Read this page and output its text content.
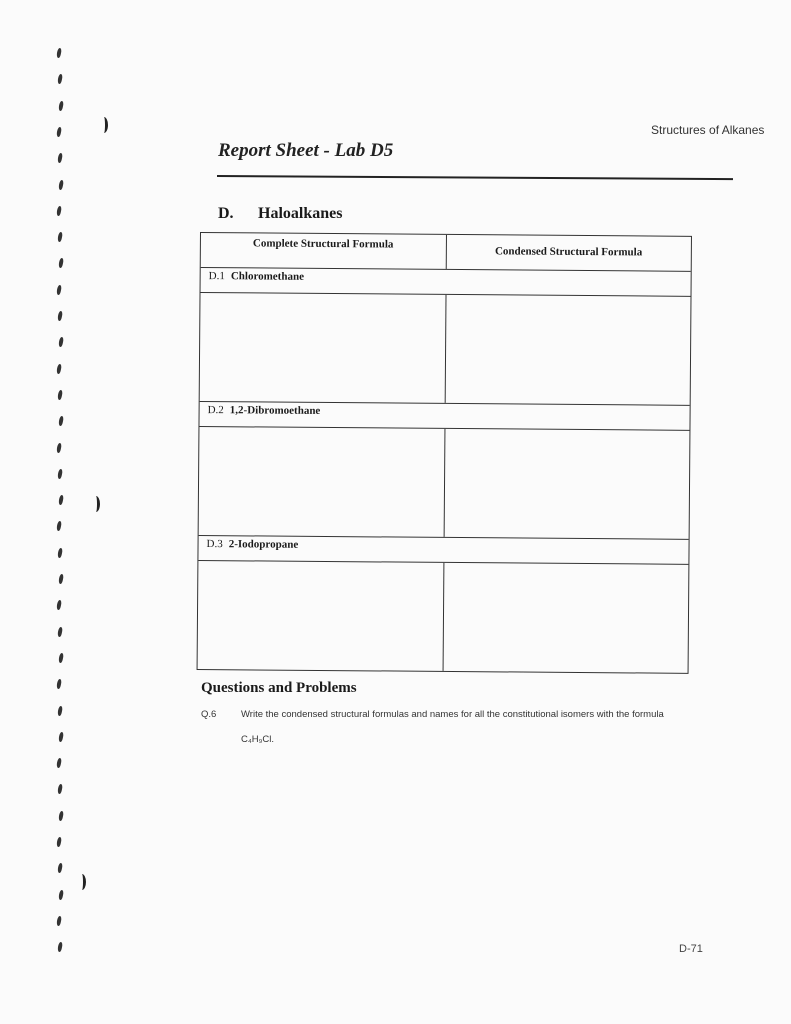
Structures of Alkanes
Report Sheet - Lab D5
D. Haloalkanes
Complete Structural Formula
Condensed Structural Formula
D.1 Chloromethane
D.2 1,2-Dibromoethane
D.3 2-Iodopropane
Questions and Problems
Q.6	Write the condensed structural formulas and names for all the constitutional isomers with the formula
C₄H₉Cl.
D-71
